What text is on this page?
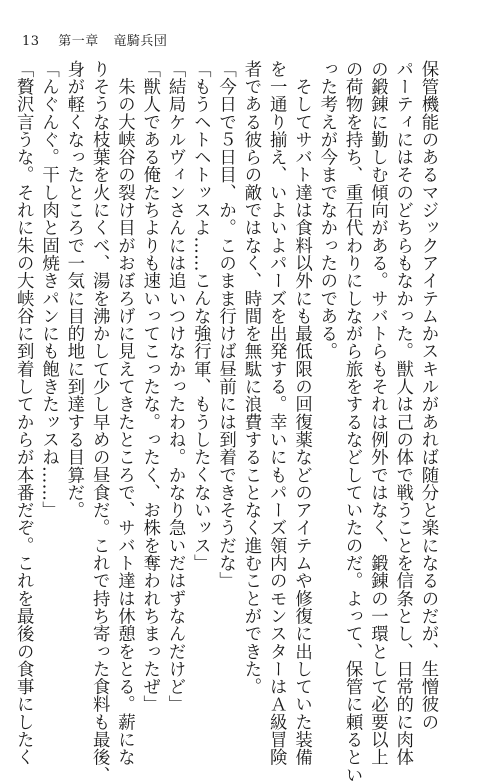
13 第一章 竜騎兵団
保管機能のあるマジックアイテムかスキルがあれば随分と楽になるのだが、生憎彼の
パーティにはそのどちらもなかった。獣人は己の体で戦うことを信条とし、日常的に肉体
の鍛錬に勤しむ傾向がある。サバトらもそれは例外ではなく、鍛錬の一環として必要以上
の荷物を持ち、重石代わりにしながら旅をするなどしていたのだ。よって、保管に頼るとい
った考えが今までなかったのである。
　そしてサバト達は食料以外にも最低限の回復薬などのアイテムや修復に出していた装備
を一通り揃え、いよいよパーズを出発する。幸いにもパーズ領内のモンスターはＡ級冒険
者である彼らの敵ではなく、時間を無駄に浪費することなく進むことができた。
「今日で５日目、か。このまま行けば昼前には到着できそうだな」
「もうヘトヘトッスよ……こんな強行軍、もうしたくないッス」
「結局ケルヴィンさんには追いつけなかったわね。かなり急いだはずなんだけど」
「獣人である俺たちよりも速いってこったな。ったく、お株を奪われちまったぜ」
　朱の大峡谷の裂け目がおぼろげに見えてきたところで、サバト達は休憩をとる。薪にな
りそうな枝葉を火にくべ、湯を沸かして少し早めの昼食だ。これで持ち寄った食料も最後、
身が軽くなったところで一気に目的地に到達する目算だ。
「んぐんぐ。干し肉と固焼きパンにも飽きたッスね……」
「贅沢言うな。それに朱の大峡谷に到着してからが本番だぞ。これを最後の食事にしたく
